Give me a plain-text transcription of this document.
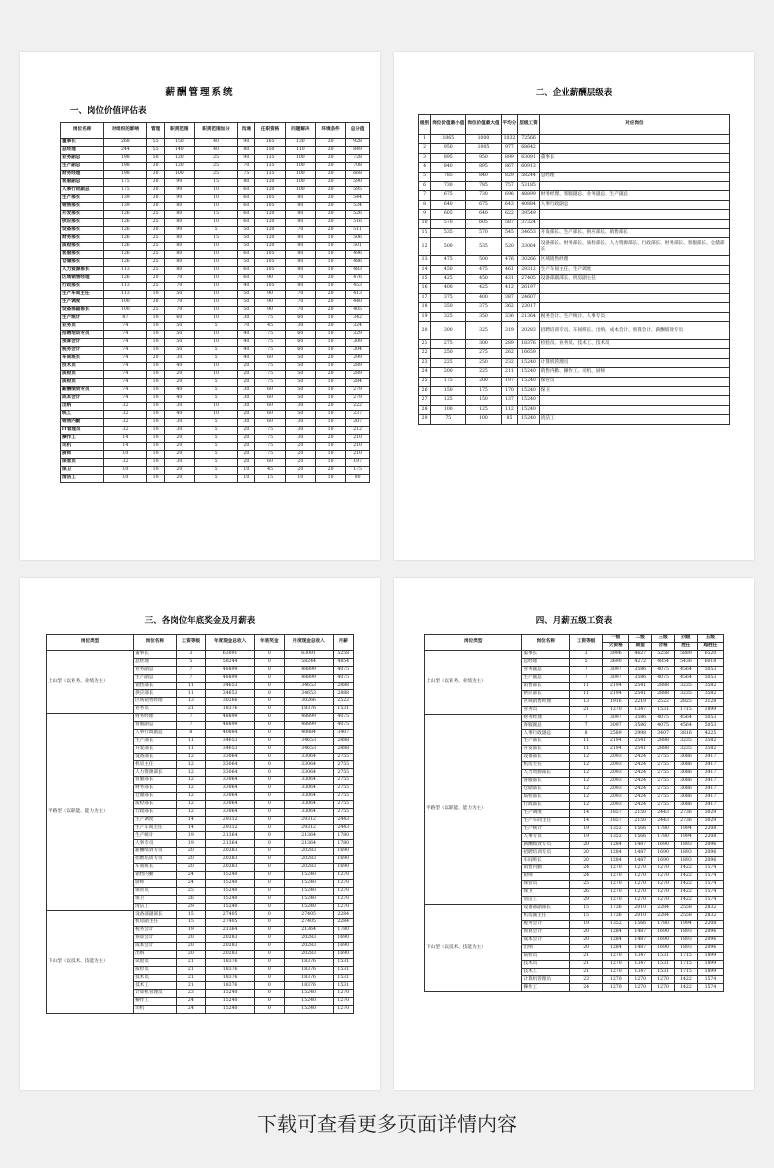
薪酬管理系统
一、岗位价值评估表
岗位名称	对组织的影响	管理	职责范围	职责范围加分	沟通	任职资格	问题解决	环境条件	总分值
董事长	268	55	150	40	90	165	130	30	928
总经理	244	55	140	40	80	150	110	30	849
业务副总	198	50	120	25	90	135	100	30	728
生产副总	198	30	120	25	70	135	100	30	708
财务经理	198	30	100	25	75	135	100	30	668
客服副总	175	30	90	15	80	120	100	30	590
人事行政副总	175	30	90	10	60	120	100	30	595
生产部长	139	30	90	10	60	105	80	30	544
销售部长	139	30	80	10	60	105	80	30	534
开发部长	126	25	80	15	60	120	80	30	526
供应部长	126	25	80	10	60	120	80	30	516
设备部长	126	30	90	5	50	120	70	20	511
财务部长	126	25	80	15	50	120	80	10	506
质检部长	126	25	80	10	50	120	80	10	501
客服部长	126	25	80	10	60	105	80	10	496
仓储部长	126	25	80	10	50	105	80	10	486
人力资源部长	113	25	80	10	60	105	80	10	483
区域销售经理	126	20	70	10	60	90	70	30	476
行政部长	113	25	70	10	40	105	80	10	453
生产车间主任	113	10	50	10	50	90	70	20	413
生产调度	100	30	70	10	50	90	70	20	440
设备部副部长	100	25	70	10	50	90	70	20	405
生产统计	87	10	60	10	30	75	60	10	342
业务员	74	10	50	5	70	45	30	30	324
招聘培训专员	74	10	50	10	40	75	60	10	329
预算会计	74	10	50	10	40	75	60	10	309
税务会计	74	10	50	5	40	75	60	10	304
车间班长	74	20	30	5	40	60	50	20	299
技术员	74	10	40	10	20	75	50	10	289
质检员	74	10	20	10	20	75	50	20	289
质检员	74	10	20	5	20	75	50	10	284
薪酬绩效专员	74	10	40	5	30	60	50	10	279
成本会计	74	10	40	5	30	60	50	10	279
出纳	32	10	30	10	30	60	30	20	222
统工	32	10	40	10	20	60	50	10	237
销售内勤	32	10	30	5	30	60	30	10	207
IT管理员	32	10	30	5	20	75	30	10	212
操作工	14	10	20	5	20	75	30	20	210
司机	14	10	20	5	20	75	20	10	210
厨师	10	10	20	5	20	75	20	10	210
保管员	32	10	30	5	20	60	20	10	197
保卫	10	10	20	5	10	45	20	20	175
清洁工	10	10	20	5	10	15	10	10	90
二、企业薪酬层级表
级别	岗位价值最小值	岗位价值最大值	平均分	层级工资	对应岗位
1	1065	1000	1032	72566	
2	950	1005	977	68642	
3	895	950	899	63091	董事长
4	840	895	867	60913	
5	785	840	829	58244	总经理
6	730	785	757	53185	
7	675	730	696	48899	财务经理、客服副总、业务副总、生产副总
8	640	675	643	40884	人事行政副总
9	605	640	622	39549	
10	570	605	587	37324	
11	535	570	545	34653	开发部长、生产部长、供应部长、销售部长
12	500	535	520	33064	设备部长、财务部长、质检部长、人力资源部长、行政部长、财务部长、客服部长、仓储部长
13	475	500	476	30266	区域销售经理
14	450	475	461	29312	生产车间主任、生产调度
15	425	450	431	27405	设备部副部长、机房副主任
16	400	425	412	26197	
17	375	400	387	24607	
18	350	375	362	23017	
19	325	350	336	21364	税务会计、生产统计、人事专员
20	300	325	319	20283	招聘培训专员、车间班长、出纳、成本会计、预算会计、薪酬绩效专员
21	275	300	289	18376	检验员、业务员、技术工、技术员
22	250	275	262	16659	
23	225	250	232	15240	计算机管理员
24	200	225	211	15240	销售内勤、操作工、司机、厨师
25	175	200	197	15240	保管员
26	150	175	170	15240	保卫
27	125	150	137	15240	
28	100	125	112	15240	
29	75	100	85	15240	清洁工
三、各岗位年底奖金及月薪表
岗位类型	岗位名称	工资等级	年度现金总收入	年底奖金	月度现金总收入	月薪
上山型（以业务、业绩为主）	董事长	3	63091	0	63091	5258
	总经理	5	58244	0	58244	4854
	业务副总	7	48899	0	48899	4075
	生产副总	7	48899	0	48899	4075
	销售部长	11	34653	0	34653	2888
	供应部长	11	34653	0	34653	2888
	区域销售经理	13	30266	0	30266	2522
	业务员	21	18376	0	18376	1531
平路型（以职能、能力为主）	财务经理	7	48899	0	48899	4075
	客服副总	7	48899	0	48899	4075
	人事行政副总	8	40884	0	40884	3407
	生产部长	11	34653	0	34653	2888
	开发部长	11	34653	0	34653	2888
	设备部长	12	33064	0	33064	2755
	机房主任	12	33064	0	33064	2755
	人力资源部长	12	33064	0	33064	2755
	客服部长	12	33064	0	33064	2755
	财务部长	12	33064	0	33064	2755
	仓储部长	12	33064	0	33064	2755
	质检部长	12	33064	0	33064	2755
	行政部长	12	33064	0	33064	2755
	生产调度	14	29312	0	29312	2443
	生产车间主任	14	29312	0	29312	2443
	生产统计	19	21364	0	21364	1780
	人事专员	19	21364	0	21364	1780
	薪酬绩效专员	20	20283	0	20283	1690
	招聘培训专员	20	20283	0	20283	1690
	车间班长	20	20283	0	20283	1690
	销售内勤	24	15240	0	15240	1270
	厨师	24	15240	0	15240	1270
	保管员	25	15240	0	15240	1270
	保卫	26	15240	0	15240	1270
	清洁工	29	15240	0	15240	1270
下山型（以技术、技能为主）	设备部副部长	15	27405	0	27405	2284
	机房副主任	15	27405	0	27405	2284
	税务会计	19	21364	0	21364	1780
	预算会计	20	20283	0	20283	1690
	成本会计	20	20283	0	20283	1690
	出纳	20	20283	0	20283	1690
	试验员	21	18376	0	18376	1531
	质检员	21	18376	0	18376	1531
	技术员	21	18376	0	18376	1531
	技术工	21	18376	0	18376	1531
	计算机管理员	23	15240	0	15240	1270
	操作工	24	15240	0	15240	1270
	司机	24	15240	0	15240	1270
四、月薪五级工资表
岗位类型	岗位名称	工资等级	一级	二级	三级	四级	五级
			欠资格	期望	合格	胜任	超胜任
上山型（以业务、业绩为主）	董事长	3	3996	4627	5258	5889	6520
	总经理	5	3690	4272	4854	5436	6018
	业务副总	7	3097	3586	4075	4564	5053
	生产副总	7	3097	3586	4075	4564	5053
	销售部长	11	2194	2541	2888	3235	3582
	供应部长	11	2194	2541	2888	3235	3582
	区域销售经理	13	1916	2219	2522	2825	3128
	业务员	21	1270	1347	1531	1715	1899
平路型（以职能、能力为主）	财务经理	7	3097	3586	4075	4564	5053
	客服副总	7	3097	3586	4075	4564	5053
	人事行政副总	8	2589	2998	3407	3816	4225
	生产部长	11	2194	2541	2888	3235	3582
	开发部长	11	2194	2541	2888	3235	3582
	设备部长	12	2093	2424	2755	3086	3417
	机房主任	12	2093	2424	2755	3086	3417
	人力资源部长	12	2093	2424	2755	3086	3417
	客服部长	12	2093	2424	2755	3086	3417
	仓储部长	12	2093	2424	2755	3086	3417
	质检部长	12	2093	2424	2755	3086	3417
	行政部长	12	2093	2424	2755	3086	3417
	生产调度	14	1857	2150	2443	2736	3029
	生产车间主任	14	1857	2150	2443	2736	3029
	生产统计	19	1352	1566	1780	1994	2208
	人事专员	19	1352	1566	1780	1994	2208
	薪酬绩效专员	20	1284	1487	1690	1893	2096
	招聘培训专员	20	1284	1487	1690	1893	2096
	车间班长	20	1284	1487	1690	1893	2096
	销售内勤	24	1270	1270	1270	1422	1574
	厨师	24	1270	1270	1270	1422	1574
	保管员	25	1270	1270	1270	1422	1574
	保卫	26	1270	1270	1270	1422	1574
	清洁工	29	1270	1270	1270	1422	1574
下山型（以技术、技能为主）	设备部副部长	15	1736	2010	2284	2558	2832
	机房副主任	15	1736	2010	2284	2558	2832
	税务会计	19	1352	1566	1780	1994	2208
	预算会计	20	1284	1487	1690	1893	2096
	成本会计	20	1284	1487	1690	1893	2096
	出纳	20	1284	1487	1690	1893	2096
	质检员	21	1270	1347	1531	1715	1899
	技术员	21	1270	1347	1531	1715	1899
	技术工	21	1270	1347	1531	1715	1899
	计算机管理员	23	1270	1270	1270	1422	1574
	操作工	24	1270	1270	1270	1422	1574
下载可查看更多页面详情内容
